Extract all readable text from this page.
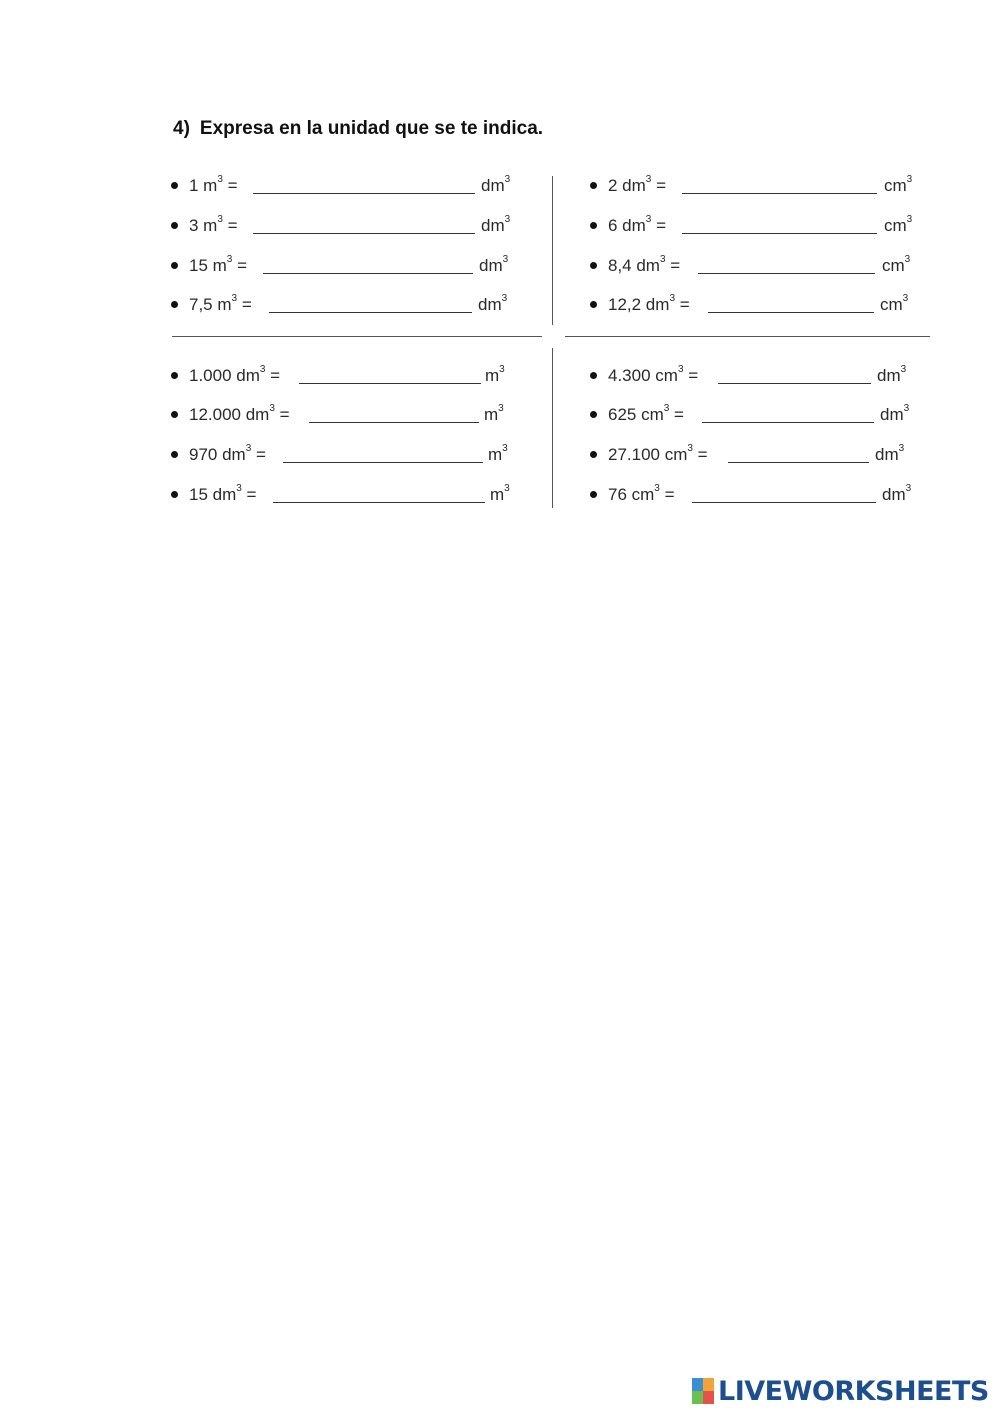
4) Expresa en la unidad que se te indica.
1 $m^3$ =	$dm^3$
3 $m^3$ =	$dm^3$
15 $m^3$ =	$dm^3$
7,5 $m^3$ =	$dm^3$
2 $dm^3$ =	$cm^3$
6 $dm^3$ =	$cm^3$
8,4 $dm^3$ =	$cm^3$
12,2 $dm^3$ =	$cm^3$
1.000 $dm^3$ =	$m^3$
12.000 $dm^3$ =	$m^3$
970 $dm^3$ =	$m^3$
15 $dm^3$ =	$m^3$
4.300 $cm^3$ =	$dm^3$
625 $cm^3$ =	$dm^3$
27.100 $cm^3$ =	$dm^3$
76 $cm^3$ =	$dm^3$
LIVEWORKSHEETS
